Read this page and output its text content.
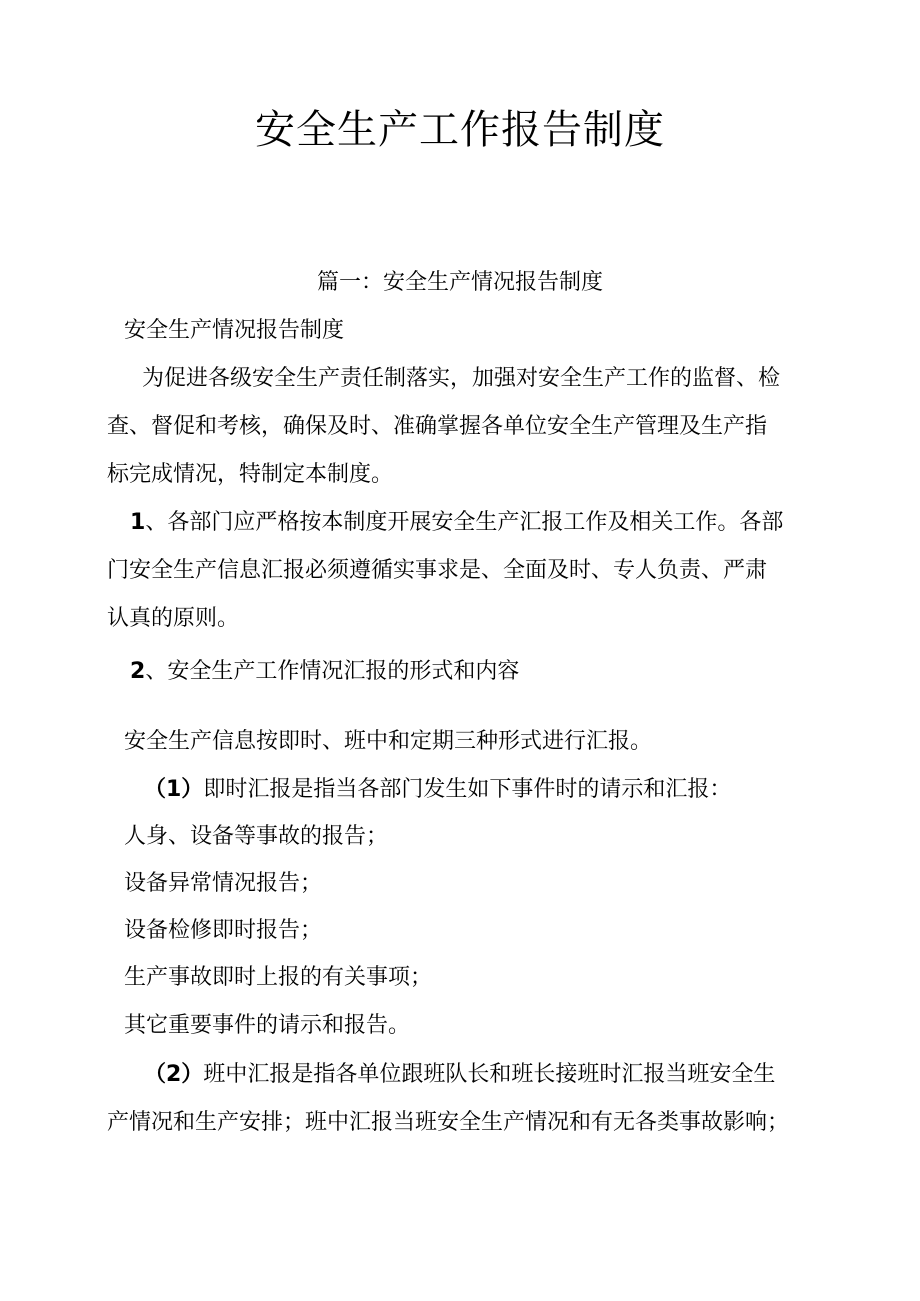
安全生产工作报告制度
篇一：安全生产情况报告制度

安全生产情况报告制度

为促进各级安全生产责任制落实，加强对安全生产工作的监督、检

查、督促和考核，确保及时、准确掌握各单位安全生产管理及生产指

标完成情况，特制定本制度。

1、各部门应严格按本制度开展安全生产汇报工作及相关工作。各部

门安全生产信息汇报必须遵循实事求是、全面及时、专人负责、严肃

认真的原则。

2、安全生产工作情况汇报的形式和内容

安全生产信息按即时、班中和定期三种形式进行汇报。

（1）即时汇报是指当各部门发生如下事件时的请示和汇报：

人身、设备等事故的报告；

设备异常情况报告；

设备检修即时报告；

生产事故即时上报的有关事项；

其它重要事件的请示和报告。

（2）班中汇报是指各单位跟班队长和班长接班时汇报当班安全生

产情况和生产安排；班中汇报当班安全生产情况和有无各类事故影响；
